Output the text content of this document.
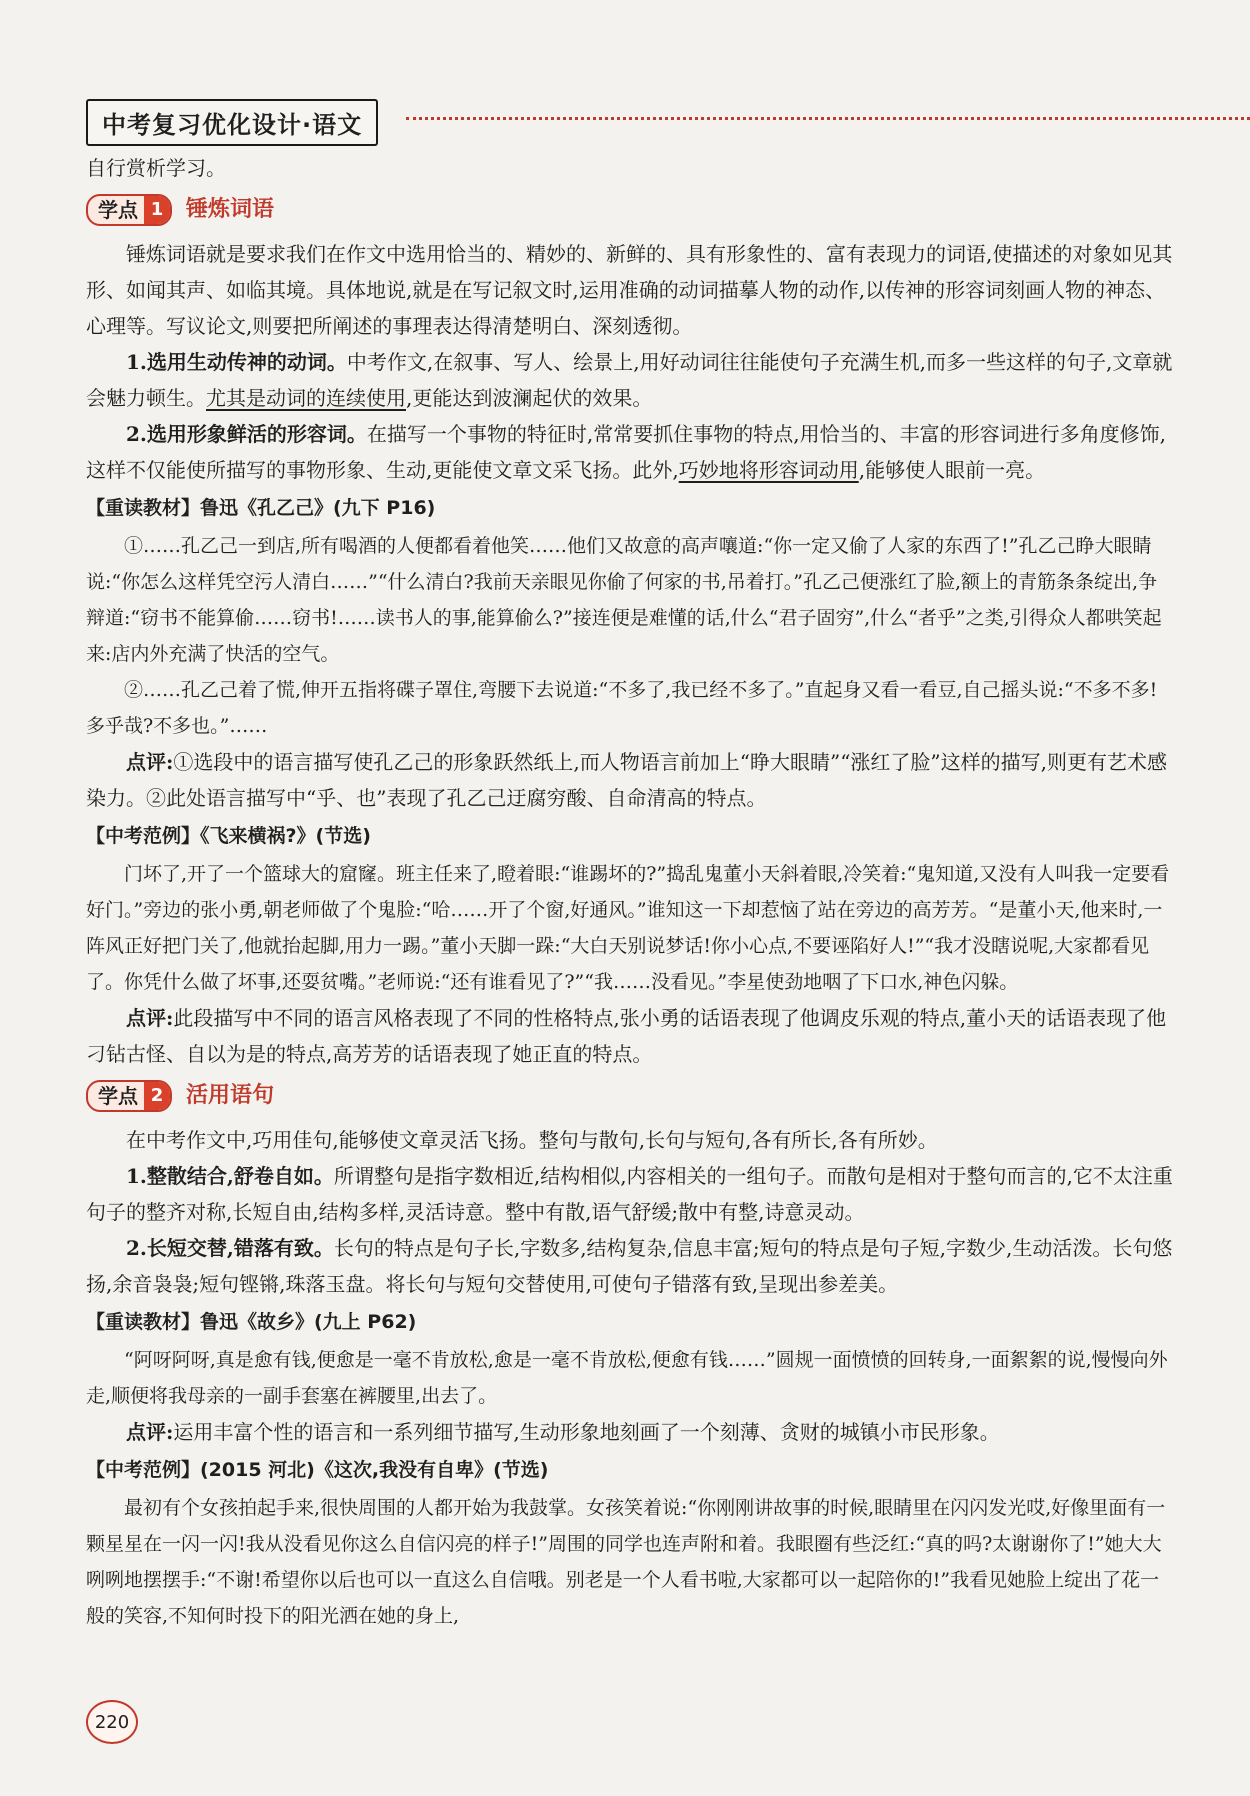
中考复习优化设计·语文

自行赏析学习。

学点 1	锤炼词语

锤炼词语就是要求我们在作文中选用恰当的、精妙的、新鲜的、具有形象性的、富有表现力的词语,使描述的对象如见其形、如闻其声、如临其境。具体地说,就是在写记叙文时,运用准确的动词描摹人物的动作,以传神的形容词刻画人物的神态、心理等。写议论文,则要把所阐述的事理表达得清楚明白、深刻透彻。

1.选用生动传神的动词。中考作文,在叙事、写人、绘景上,用好动词往往能使句子充满生机,而多一些这样的句子,文章就会魅力顿生。尤其是动词的连续使用,更能达到波澜起伏的效果。

2.选用形象鲜活的形容词。在描写一个事物的特征时,常常要抓住事物的特点,用恰当的、丰富的形容词进行多角度修饰,这样不仅能使所描写的事物形象、生动,更能使文章文采飞扬。此外,巧妙地将形容词动用,能够使人眼前一亮。

【重读教材】鲁迅《孔乙己》(九下 P16)

①……孔乙己一到店,所有喝酒的人便都看着他笑……他们又故意的高声嚷道:“你一定又偷了人家的东西了!”孔乙己睁大眼睛说:“你怎么这样凭空污人清白……”“什么清白?我前天亲眼见你偷了何家的书,吊着打。”孔乙己便涨红了脸,额上的青筋条条绽出,争辩道:“窃书不能算偷……窃书!……读书人的事,能算偷么?”接连便是难懂的话,什么“君子固穷”,什么“者乎”之类,引得众人都哄笑起来:店内外充满了快活的空气。

②……孔乙己着了慌,伸开五指将碟子罩住,弯腰下去说道:“不多了,我已经不多了。”直起身又看一看豆,自己摇头说:“不多不多!多乎哉?不多也。”……

点评:①选段中的语言描写使孔乙己的形象跃然纸上,而人物语言前加上“睁大眼睛”“涨红了脸”这样的描写,则更有艺术感染力。②此处语言描写中“乎、也”表现了孔乙己迂腐穷酸、自命清高的特点。

【中考范例】《飞来横祸?》(节选)

门坏了,开了一个篮球大的窟窿。班主任来了,瞪着眼:“谁踢坏的?”捣乱鬼董小天斜着眼,冷笑着:“鬼知道,又没有人叫我一定要看好门。”旁边的张小勇,朝老师做了个鬼脸:“哈……开了个窗,好通风。”谁知这一下却惹恼了站在旁边的高芳芳。“是董小天,他来时,一阵风正好把门关了,他就抬起脚,用力一踢。”董小天脚一跺:“大白天别说梦话!你小心点,不要诬陷好人!”“我才没瞎说呢,大家都看见了。你凭什么做了坏事,还耍贫嘴。”老师说:“还有谁看见了?”“我……没看见。”李星使劲地咽了下口水,神色闪躲。

点评:此段描写中不同的语言风格表现了不同的性格特点,张小勇的话语表现了他调皮乐观的特点,董小天的话语表现了他刁钻古怪、自以为是的特点,高芳芳的话语表现了她正直的特点。

学点 2	活用语句

在中考作文中,巧用佳句,能够使文章灵活飞扬。整句与散句,长句与短句,各有所长,各有所妙。

1.整散结合,舒卷自如。所谓整句是指字数相近,结构相似,内容相关的一组句子。而散句是相对于整句而言的,它不太注重句子的整齐对称,长短自由,结构多样,灵活诗意。整中有散,语气舒缓;散中有整,诗意灵动。

2.长短交替,错落有致。长句的特点是句子长,字数多,结构复杂,信息丰富;短句的特点是句子短,字数少,生动活泼。长句悠扬,余音袅袅;短句铿锵,珠落玉盘。将长句与短句交替使用,可使句子错落有致,呈现出参差美。

【重读教材】鲁迅《故乡》(九上 P62)

“阿呀阿呀,真是愈有钱,便愈是一毫不肯放松,愈是一毫不肯放松,便愈有钱……”圆规一面愤愤的回转身,一面絮絮的说,慢慢向外走,顺便将我母亲的一副手套塞在裤腰里,出去了。

点评:运用丰富个性的语言和一系列细节描写,生动形象地刻画了一个刻薄、贪财的城镇小市民形象。

【中考范例】(2015 河北)《这次,我没有自卑》(节选)

最初有个女孩拍起手来,很快周围的人都开始为我鼓掌。女孩笑着说:“你刚刚讲故事的时候,眼睛里在闪闪发光哎,好像里面有一颗星星在一闪一闪!我从没看见你这么自信闪亮的样子!”周围的同学也连声附和着。我眼圈有些泛红:“真的吗?太谢谢你了!”她大大咧咧地摆摆手:“不谢!希望你以后也可以一直这么自信哦。别老是一个人看书啦,大家都可以一起陪你的!”我看见她脸上绽出了花一般的笑容,不知何时投下的阳光洒在她的身上,

220
